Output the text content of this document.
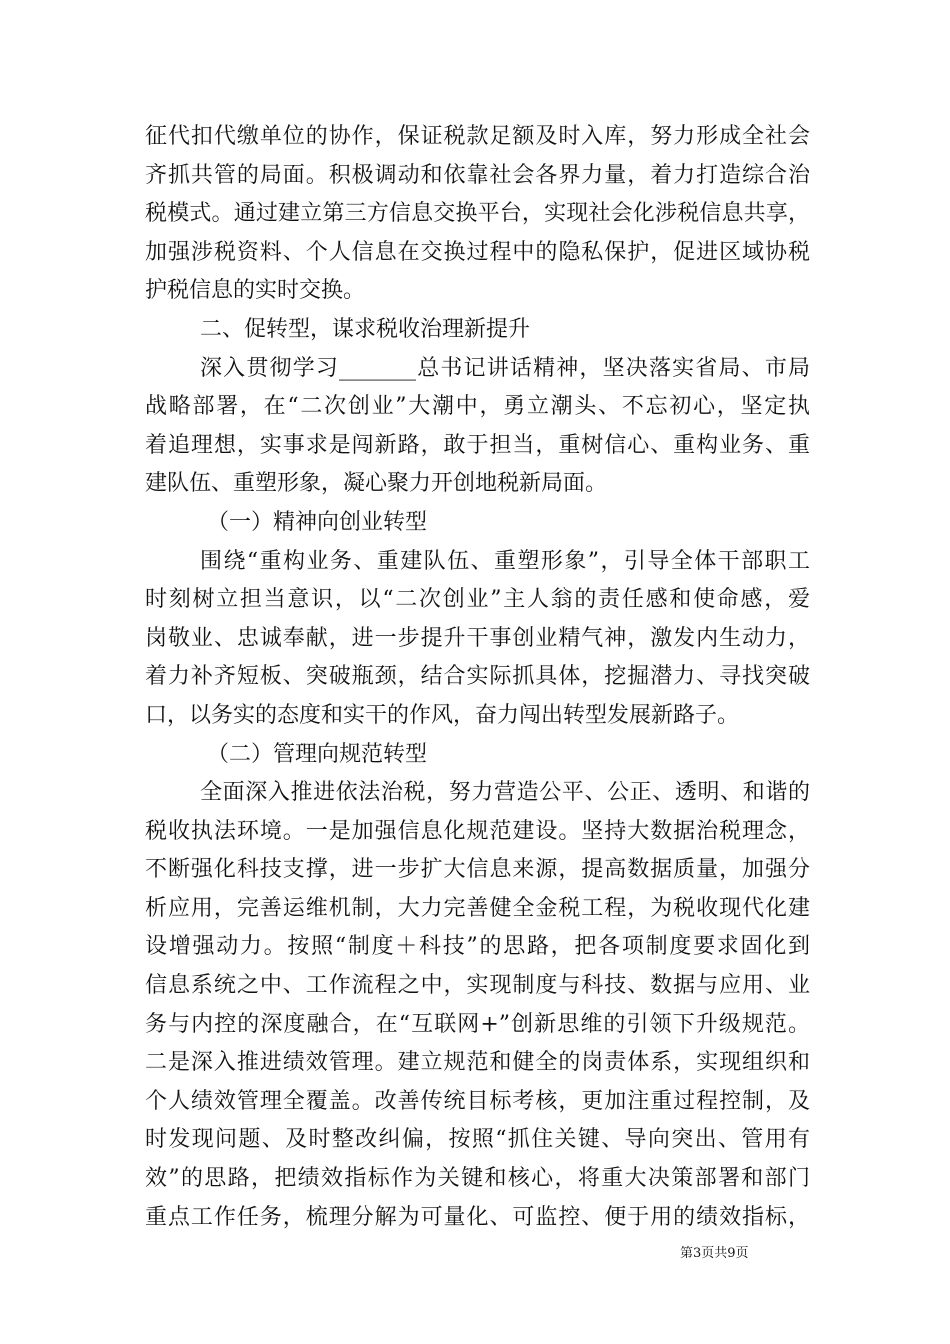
征代扣代缴单位的协作，保证税款足额及时入库，努力形成全社会
齐抓共管的局面。积极调动和依靠社会各界力量，着力打造综合治
税模式。通过建立第三方信息交换平台，实现社会化涉税信息共享，
加强涉税资料、个人信息在交换过程中的隐私保护，促进区域协税
护税信息的实时交换。
二、促转型，谋求税收治理新提升
深入贯彻学习_______总书记讲话精神，坚决落实省局、市局
战略部署，在“二次创业”大潮中，勇立潮头、不忘初心，坚定执
着追理想，实事求是闯新路，敢于担当，重树信心、重构业务、重
建队伍、重塑形象，凝心聚力开创地税新局面。
（一）精神向创业转型
围绕“重构业务、重建队伍、重塑形象”，引导全体干部职工
时刻树立担当意识，以“二次创业”主人翁的责任感和使命感，爱
岗敬业、忠诚奉献，进一步提升干事创业精气神，激发内生动力，
着力补齐短板、突破瓶颈，结合实际抓具体，挖掘潜力、寻找突破
口，以务实的态度和实干的作风，奋力闯出转型发展新路子。
（二）管理向规范转型
全面深入推进依法治税，努力营造公平、公正、透明、和谐的
税收执法环境。一是加强信息化规范建设。坚持大数据治税理念，
不断强化科技支撑，进一步扩大信息来源，提高数据质量，加强分
析应用，完善运维机制，大力完善健全金税工程，为税收现代化建
设增强动力。按照“制度＋科技”的思路，把各项制度要求固化到
信息系统之中、工作流程之中，实现制度与科技、数据与应用、业
务与内控的深度融合，在“互联网+”创新思维的引领下升级规范。
二是深入推进绩效管理。建立规范和健全的岗责体系，实现组织和
个人绩效管理全覆盖。改善传统目标考核，更加注重过程控制，及
时发现问题、及时整改纠偏，按照“抓住关键、导向突出、管用有
效”的思路，把绩效指标作为关键和核心，将重大决策部署和部门
重点工作任务，梳理分解为可量化、可监控、便于用的绩效指标，
第3页共9页
